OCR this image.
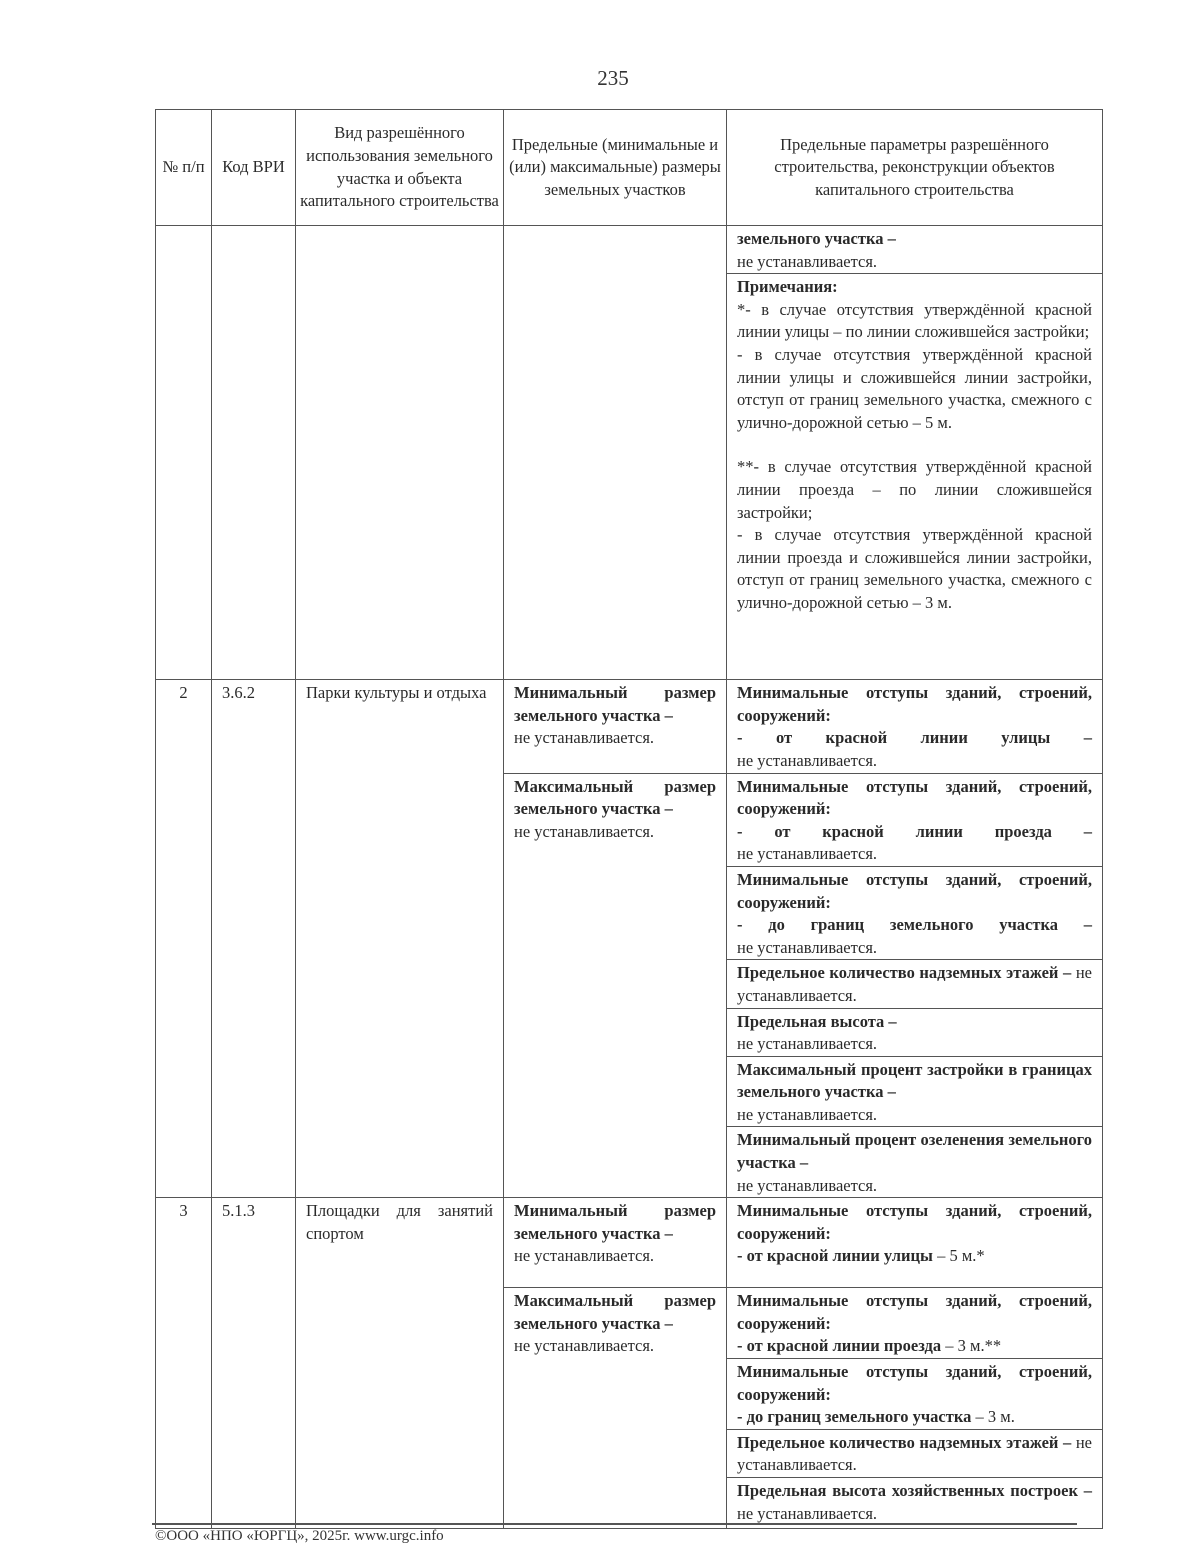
235
№ п/п	Код ВРИ	Вид разрешённого использования земельного участка и объекта капитального строительства	Предельные (минимальные и (или) максимальные) размеры земельных участков	Предельные параметры разрешённого строительства, реконструкции объектов капитального строительства

				земельного участка –
не устанавливается.

				Примечания:
*- в случае отсутствия утверждённой красной линии улицы – по линии сложившейся застройки;
- в случае отсутствия утверждённой красной линии улицы и сложившейся линии застройки, отступ от границ земельного участка, смежного с улично-дорожной сетью – 5 м.
**- в случае отсутствия утверждённой красной линии проезда – по линии сложившейся застройки;
- в случае отсутствия утверждённой красной линии проезда и сложившейся линии застройки, отступ от границ земельного участка, смежного с улично-дорожной сетью – 3 м.

2	3.6.2	Парки культуры и отдыха	Минимальный размер земельного участка –
не устанавливается.	Минимальные отступы зданий, строений, сооружений:
- от красной линии улицы –
не устанавливается.

			Максимальный размер земельного участка –
не устанавливается.	Минимальные отступы зданий, строений, сооружений:
- от красной линии проезда –
не устанавливается.

				Минимальные отступы зданий, строений, сооружений:
- до границ земельного участка –
не устанавливается.

				Предельное количество надземных этажей – не устанавливается.

				Предельная высота –
не устанавливается.

				Максимальный процент застройки в границах земельного участка –
не устанавливается.

				Минимальный процент озеленения земельного участка –
не устанавливается.

3	5.1.3	Площадки для занятий спортом	Минимальный размер земельного участка –
не устанавливается.	Минимальные отступы зданий, строений, сооружений:
- от красной линии улицы – 5 м.*

			Максимальный размер земельного участка –
не устанавливается.	Минимальные отступы зданий, строений, сооружений:
- от красной линии проезда – 3 м.**

				Минимальные отступы зданий, строений, сооружений:
- до границ земельного участка – 3 м.

				Предельное количество надземных этажей – не устанавливается.
				Предельная высота хозяйственных построек – не устанавливается.
©ООО «НПО «ЮРГЦ», 2025г. www.urgc.info
